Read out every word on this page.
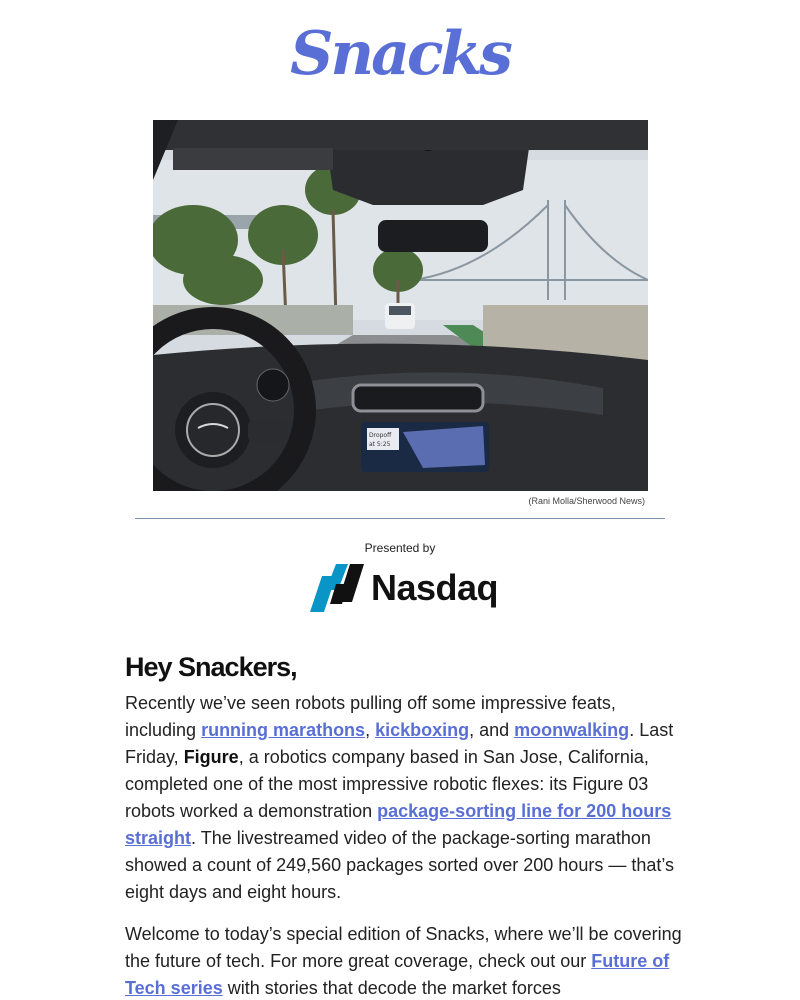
Snacks
Dropoff
at 5:25
(Rani Molla/Sherwood News)
Presented by
Nasdaq
Hey Snackers,

Recently we’ve seen robots pulling off some impressive feats, including running marathons, kickboxing, and moonwalking. Last Friday, Figure, a robotics company based in San Jose, California, completed one of the most impressive robotic flexes: its Figure 03 robots worked a demonstration package-sorting line for 200 hours straight. The livestreamed video of the package-sorting marathon showed a count of 249,560 packages sorted over 200 hours — that’s eight days and eight hours.

Welcome to today’s special edition of Snacks, where we’ll be covering the future of tech. For more great coverage, check out our Future of Tech series with stories that decode the market forces
